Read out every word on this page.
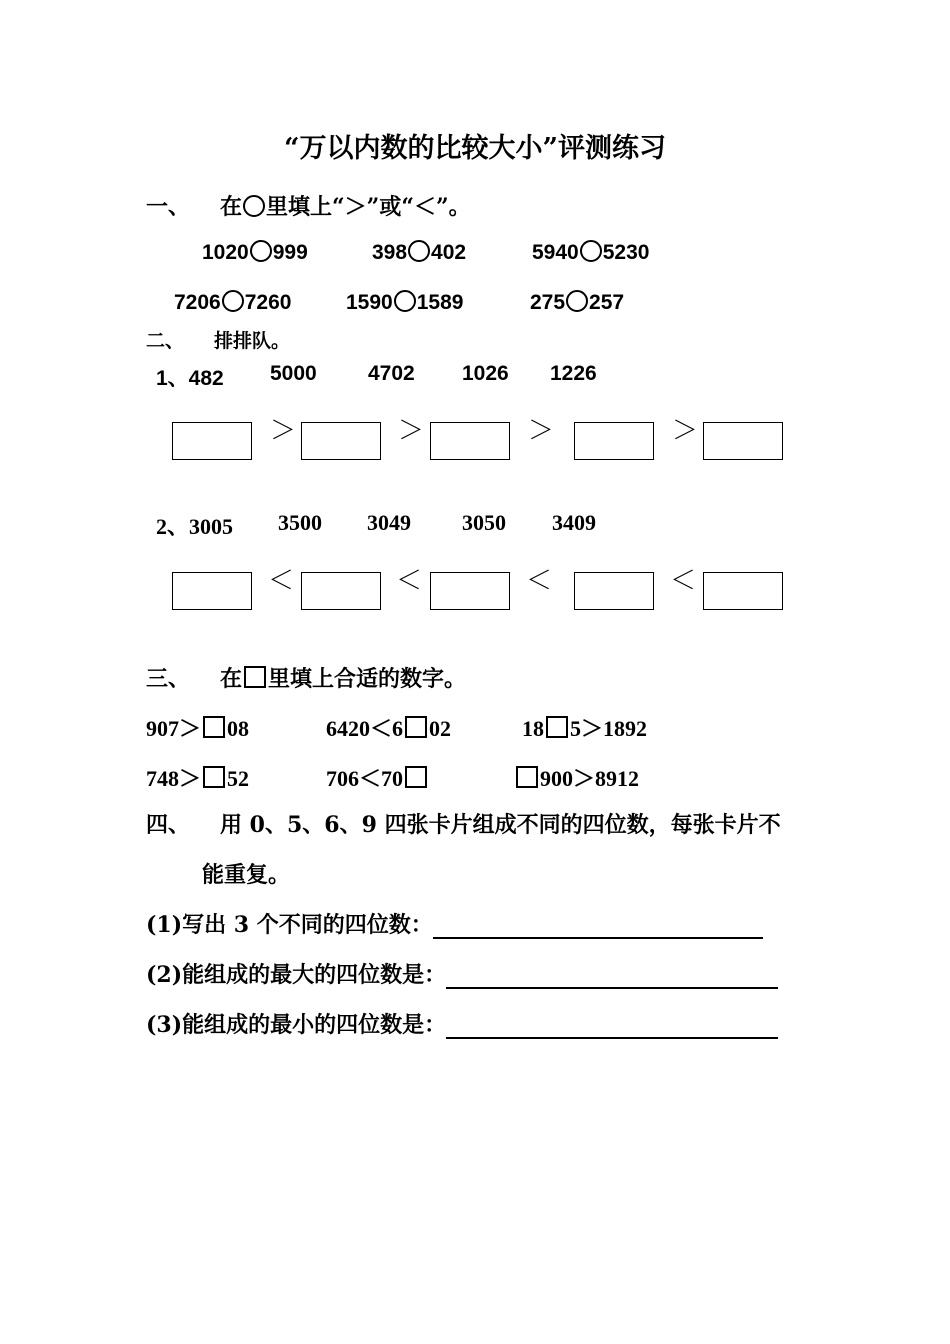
“万以内数的比较大小”评测练习
一、 在 里填上“＞”或“＜”。
1020 999	398 402	5940 5230
7206 7260	1590 1589	275 257
二、 排排队。
1、482 5000 4702 1026 1226
＞	＞	＞	＞
2、3005 3500 3049 3050 3409
＜	＜	＜	＜
三、 在 里填上合适的数字。
907＞ 08	6420＜6 02	18 5＞1892
748＞ 52	706＜70	900＞8912
四、 用 0、5、6、9 四张卡片组成不同的四位数，每张卡片不
能重复。
(1)写出 3 个不同的四位数：
(2)能组成的最大的四位数是：
(3)能组成的最小的四位数是：
